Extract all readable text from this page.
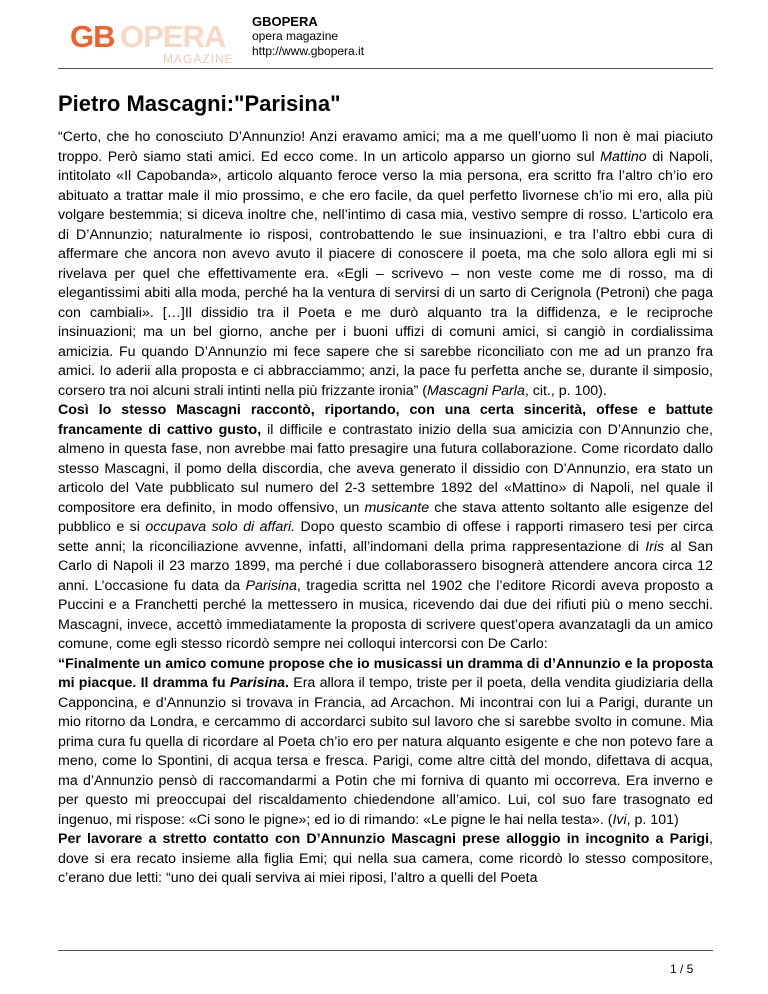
GB OPERA
MAGAZINE
GBOPERA
opera magazine
http://www.gbopera.it
Pietro Mascagni:"Parisina"

“Certo, che ho conosciuto D’Annunzio! Anzi eravamo amici; ma a me quell’uomo lì non è mai piaciuto troppo. Però siamo stati amici. Ed ecco come. In un articolo apparso un giorno sul Mattino di Napoli, intitolato «Il Capobanda», articolo alquanto feroce verso la mia persona, era scritto fra l’altro ch’io ero abituato a trattar male il mio prossimo, e che ero facile, da quel perfetto livornese ch’io mi ero, alla più volgare bestemmia; si diceva inoltre che, nell’intimo di casa mia, vestivo sempre di rosso. L’articolo era di D’Annunzio; naturalmente io risposi, controbattendo le sue insinuazioni, e tra l’altro ebbi cura di affermare che ancora non avevo avuto il piacere di conoscere il poeta, ma che solo allora egli mi si rivelava per quel che effettivamente era. «Egli – scrivevo – non veste come me di rosso, ma di elegantissimi abiti alla moda, perché ha la ventura di servirsi di un sarto di Cerignola (Petroni) che paga con cambiali». […]Il dissidio tra il Poeta e me durò alquanto tra la diffidenza, e le reciproche insinuazioni; ma un bel giorno, anche per i buoni uffizi di comuni amici, si cangiò in cordialissima amicizia. Fu quando D’Annunzio mi fece sapere che si sarebbe riconciliato con me ad un pranzo fra amici. Io aderii alla proposta e ci abbracciammo; anzi, la pace fu perfetta anche se, durante il simposio, corsero tra noi alcuni strali intinti nella più frizzante ironia” (Mascagni Parla, cit., p. 100).

Così lo stesso Mascagni raccontò, riportando, con una certa sincerità, offese e battute francamente di cattivo gusto, il difficile e contrastato inizio della sua amicizia con D’Annunzio che, almeno in questa fase, non avrebbe mai fatto presagire una futura collaborazione. Come ricordato dallo stesso Mascagni, il pomo della discordia, che aveva generato il dissidio con D’Annunzio, era stato un articolo del Vate pubblicato sul numero del 2-3 settembre 1892 del «Mattino» di Napoli, nel quale il compositore era definito, in modo offensivo, un musicante che stava attento soltanto alle esigenze del pubblico e si occupava solo di affari. Dopo questo scambio di offese i rapporti rimasero tesi per circa sette anni; la riconciliazione avvenne, infatti, all’indomani della prima rappresentazione di Iris al San Carlo di Napoli il 23 marzo 1899, ma perché i due collaborassero bisognerà attendere ancora circa 12 anni. L’occasione fu data da Parisina, tragedia scritta nel 1902 che l’editore Ricordi aveva proposto a Puccini e a Franchetti perché la mettessero in musica, ricevendo dai due dei rifiuti più o meno secchi. Mascagni, invece, accettò immediatamente la proposta di scrivere quest’opera avanzatagli da un amico comune, come egli stesso ricordò sempre nei colloqui intercorsi con De Carlo:

“Finalmente un amico comune propose che io musicassi un dramma di d’Annunzio e la proposta mi piacque. Il dramma fu Parisina. Era allora il tempo, triste per il poeta, della vendita giudiziaria della Capponcina, e d’Annunzio si trovava in Francia, ad Arcachon. Mi incontrai con lui a Parigi, durante un mio ritorno da Londra, e cercammo di accordarci subito sul lavoro che si sarebbe svolto in comune. Mia prima cura fu quella di ricordare al Poeta ch’io ero per natura alquanto esigente e che non potevo fare a meno, come lo Spontini, di acqua tersa e fresca. Parigi, come altre città del mondo, difettava di acqua, ma d’Annunzio pensò di raccomandarmi a Potin che mi forniva di quanto mi occorreva. Era inverno e per questo mi preoccupai del riscaldamento chiedendone all’amico. Lui, col suo fare trasognato ed ingenuo, mi rispose: «Ci sono le pigne»; ed io di rimando: «Le pigne le hai nella testa». (Ivi, p. 101)

Per lavorare a stretto contatto con D’Annunzio Mascagni prese alloggio in incognito a Parigi, dove si era recato insieme alla figlia Emi; qui nella sua camera, come ricordò lo stesso compositore, c’erano due letti: “uno dei quali serviva ai miei riposi, l’altro a quelli del Poeta

1 / 5
